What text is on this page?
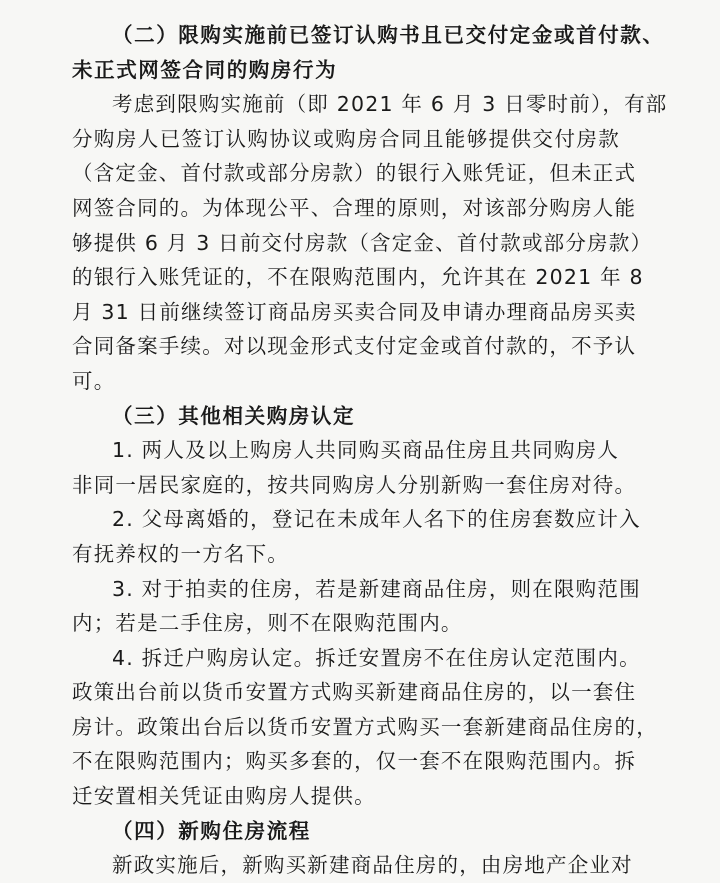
（二）限购实施前已签订认购书且已交付定金或首付款、
未正式网签合同的购房行为
考虑到限购实施前（即 2021 年 6 月 3 日零时前），有部
分购房人已签订认购协议或购房合同且能够提供交付房款
（含定金、首付款或部分房款）的银行入账凭证，但未正式
网签合同的。为体现公平、合理的原则，对该部分购房人能
够提供 6 月 3 日前交付房款（含定金、首付款或部分房款）
的银行入账凭证的，不在限购范围内，允许其在 2021 年 8
月 31 日前继续签订商品房买卖合同及申请办理商品房买卖
合同备案手续。对以现金形式支付定金或首付款的，不予认
可。
（三）其他相关购房认定
1. 两人及以上购房人共同购买商品住房且共同购房人
非同一居民家庭的，按共同购房人分别新购一套住房对待。
2. 父母离婚的，登记在未成年人名下的住房套数应计入
有抚养权的一方名下。
3. 对于拍卖的住房，若是新建商品住房，则在限购范围
内；若是二手住房，则不在限购范围内。
4. 拆迁户购房认定。拆迁安置房不在住房认定范围内。
政策出台前以货币安置方式购买新建商品住房的，以一套住
房计。政策出台后以货币安置方式购买一套新建商品住房的，
不在限购范围内；购买多套的，仅一套不在限购范围内。拆
迁安置相关凭证由购房人提供。
（四）新购住房流程
新政实施后，新购买新建商品住房的，由房地产企业对
